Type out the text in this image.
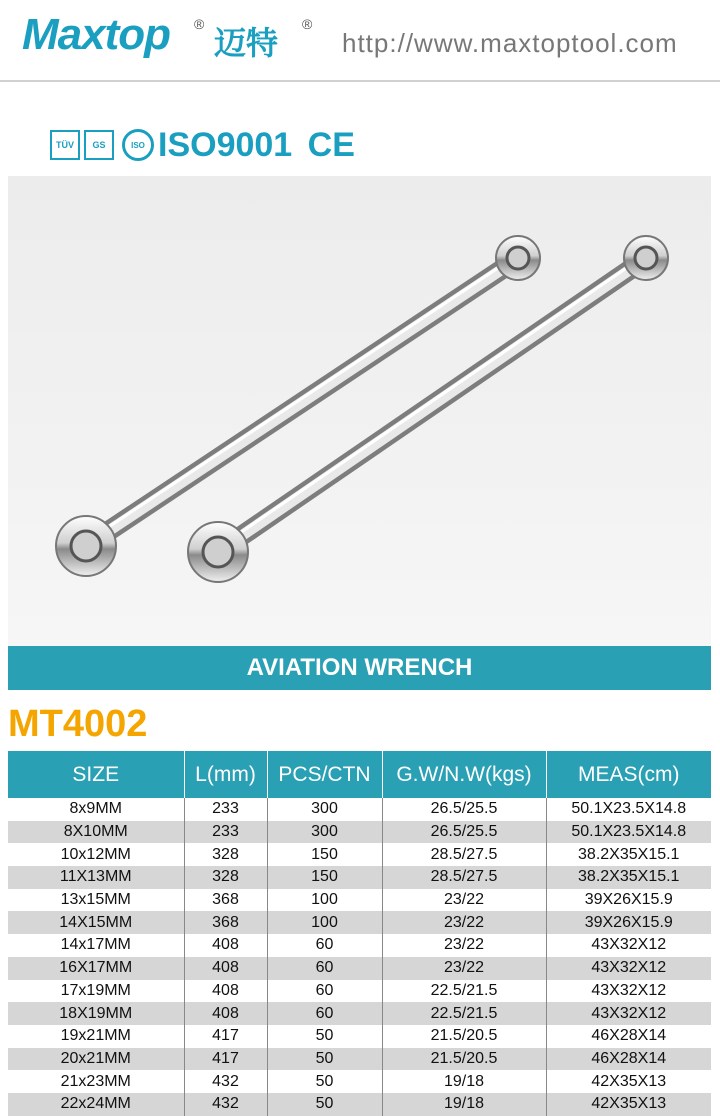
Maxtop ® 迈特 ®
http://www.maxtoptool.com
TÜV	GS	ISO ISO9001 CE
AVIATION WRENCH
MT4002
SIZE	L(mm)	PCS/CTN	G.W/N.W(kgs)	MEAS(cm)
8x9MM	233	300	26.5/25.5	50.1X23.5X14.8
8X10MM	233	300	26.5/25.5	50.1X23.5X14.8
10x12MM	328	150	28.5/27.5	38.2X35X15.1
11X13MM	328	150	28.5/27.5	38.2X35X15.1
13x15MM	368	100	23/22	39X26X15.9
14X15MM	368	100	23/22	39X26X15.9
14x17MM	408	60	23/22	43X32X12
16X17MM	408	60	23/22	43X32X12
17x19MM	408	60	22.5/21.5	43X32X12
18X19MM	408	60	22.5/21.5	43X32X12
19x21MM	417	50	21.5/20.5	46X28X14
20x21MM	417	50	21.5/20.5	46X28X14
21x23MM	432	50	19/18	42X35X13
22x24MM	432	50	19/18	42X35X13
